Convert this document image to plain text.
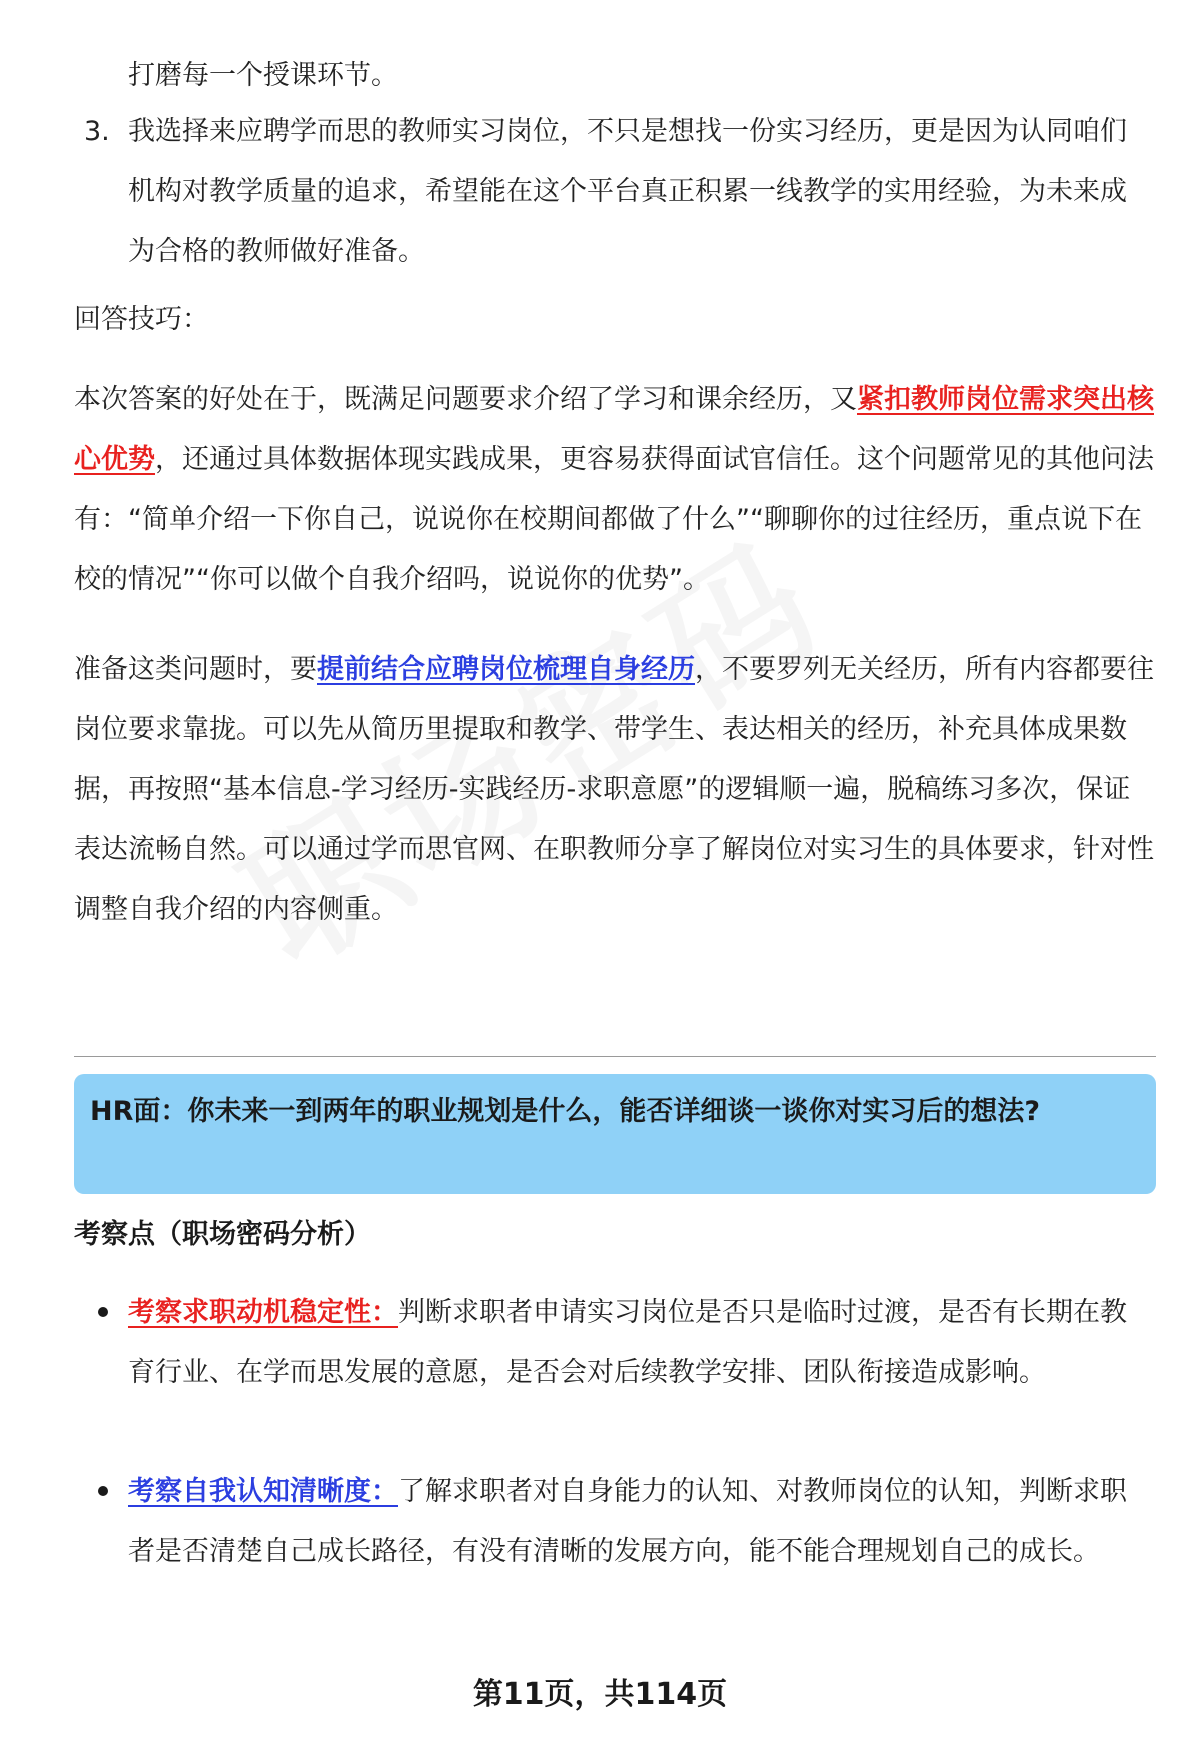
打磨每一个授课环节。
3. 我选择来应聘学而思的教师实习岗位，不只是想找一份实习经历，更是因为认同咱们机构对教学质量的追求，希望能在这个平台真正积累一线教学的实用经验，为未来成为合格的教师做好准备。
回答技巧：
本次答案的好处在于，既满足问题要求介绍了学习和课余经历，又紧扣教师岗位需求突出核心优势，还通过具体数据体现实践成果，更容易获得面试官信任。这个问题常见的其他问法有：“简单介绍一下你自己，说说你在校期间都做了什么”“聊聊你的过往经历，重点说下在校的情况”“你可以做个自我介绍吗，说说你的优势”。
准备这类问题时，要提前结合应聘岗位梳理自身经历，不要罗列无关经历，所有内容都要往岗位要求靠拢。可以先从简历里提取和教学、带学生、表达相关的经历，补充具体成果数据，再按照“基本信息-学习经历-实践经历-求职意愿”的逻辑顺一遍，脱稿练习多次，保证表达流畅自然。可以通过学而思官网、在职教师分享了解岗位对实习生的具体要求，针对性调整自我介绍的内容侧重。
HR面：你未来一到两年的职业规划是什么，能否详细谈一谈你对实习后的想法?
考察点（职场密码分析）
考察求职动机稳定性：判断求职者申请实习岗位是否只是临时过渡，是否有长期在教育行业、在学而思发展的意愿，是否会对后续教学安排、团队衔接造成影响。
考察自我认知清晰度：了解求职者对自身能力的认知、对教师岗位的认知，判断求职者是否清楚自己成长路径，有没有清晰的发展方向，能不能合理规划自己的成长。
第11页，共114页
